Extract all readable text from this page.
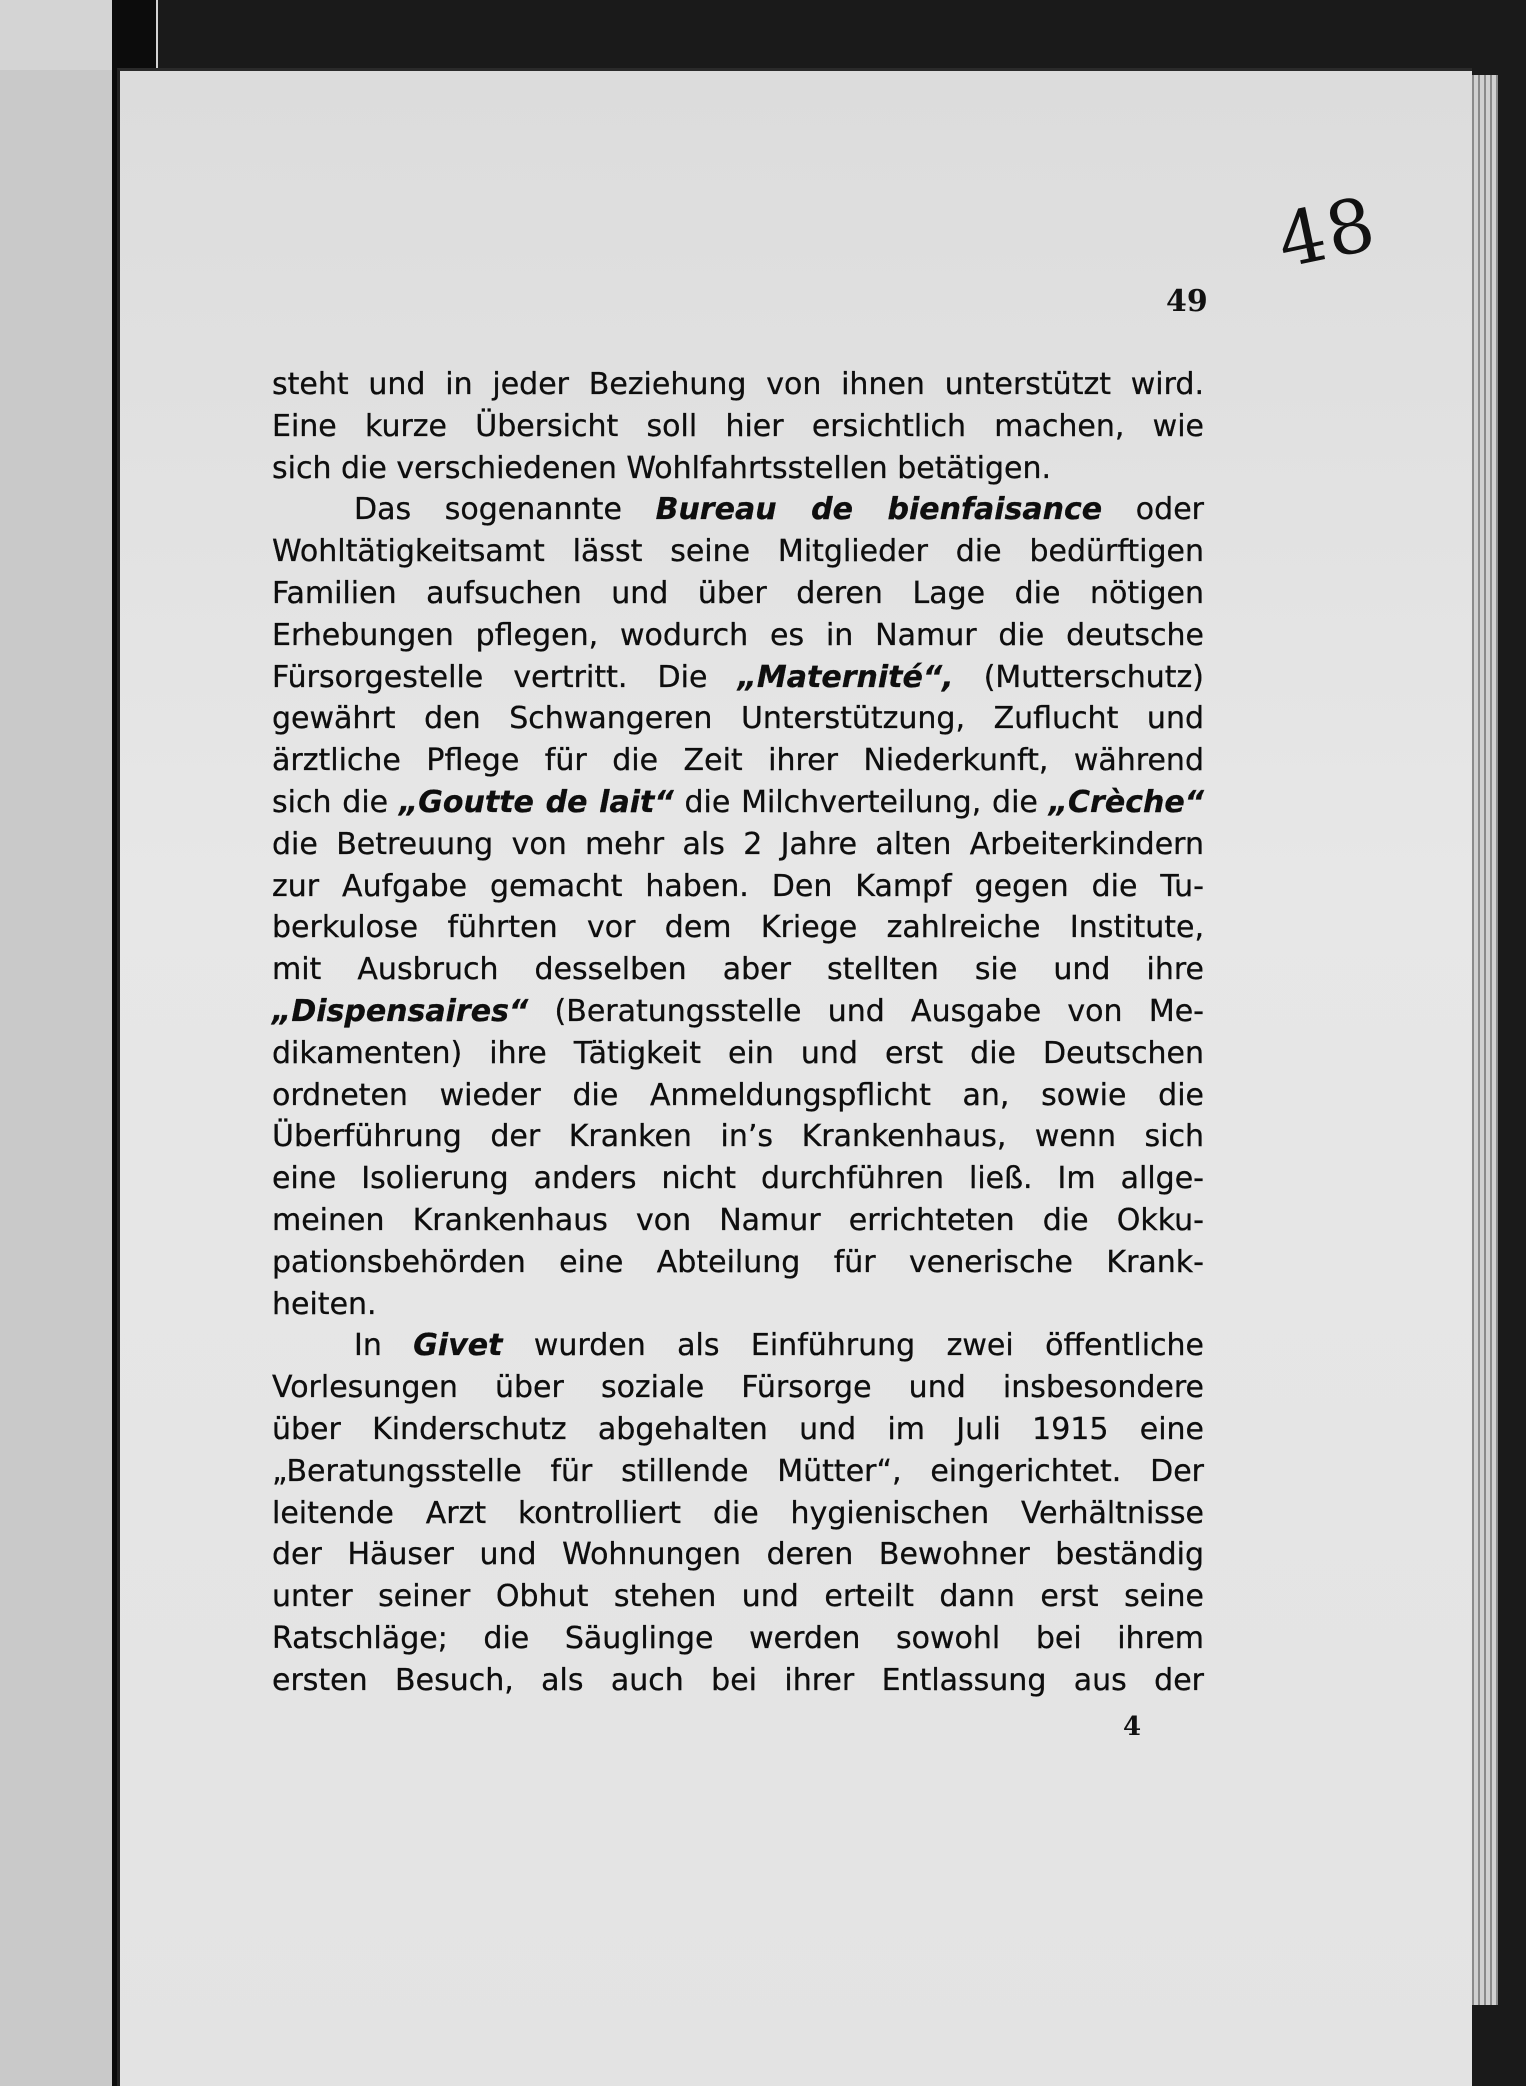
48
49
steht und in jeder Beziehung von ihnen unterstützt wird.
Eine kurze Übersicht soll hier ersichtlich machen, wie
sich die verschiedenen Wohlfahrtsstellen betätigen.
Das sogenannte Bureau de bienfaisance oder
Wohltätigkeitsamt lässt seine Mitglieder die bedürftigen
Familien aufsuchen und über deren Lage die nötigen
Erhebungen pflegen, wodurch es in Namur die deutsche
Fürsorgestelle vertritt. Die „Maternité“, (Mutterschutz)
gewährt den Schwangeren Unterstützung, Zuflucht und
ärztliche Pflege für die Zeit ihrer Niederkunft, während
sich die „Goutte de lait“ die Milchverteilung, die „Crèche“
die Betreuung von mehr als 2 Jahre alten Arbeiterkindern
zur Aufgabe gemacht haben. Den Kampf gegen die Tu-
berkulose führten vor dem Kriege zahlreiche Institute,
mit Ausbruch desselben aber stellten sie und ihre
„Dispensaires“ (Beratungsstelle und Ausgabe von Me-
dikamenten) ihre Tätigkeit ein und erst die Deutschen
ordneten wieder die Anmeldungspflicht an, sowie die
Überführung der Kranken in’s Krankenhaus, wenn sich
eine Isolierung anders nicht durchführen ließ. Im allge-
meinen Krankenhaus von Namur errichteten die Okku-
pationsbehörden eine Abteilung für venerische Krank-
heiten.
In Givet wurden als Einführung zwei öffentliche
Vorlesungen über soziale Fürsorge und insbesondere
über Kinderschutz abgehalten und im Juli 1915 eine
„Beratungsstelle für stillende Mütter“, eingerichtet. Der
leitende Arzt kontrolliert die hygienischen Verhältnisse
der Häuser und Wohnungen deren Bewohner beständig
unter seiner Obhut stehen und erteilt dann erst seine
Ratschläge; die Säuglinge werden sowohl bei ihrem
ersten Besuch, als auch bei ihrer Entlassung aus der
4
